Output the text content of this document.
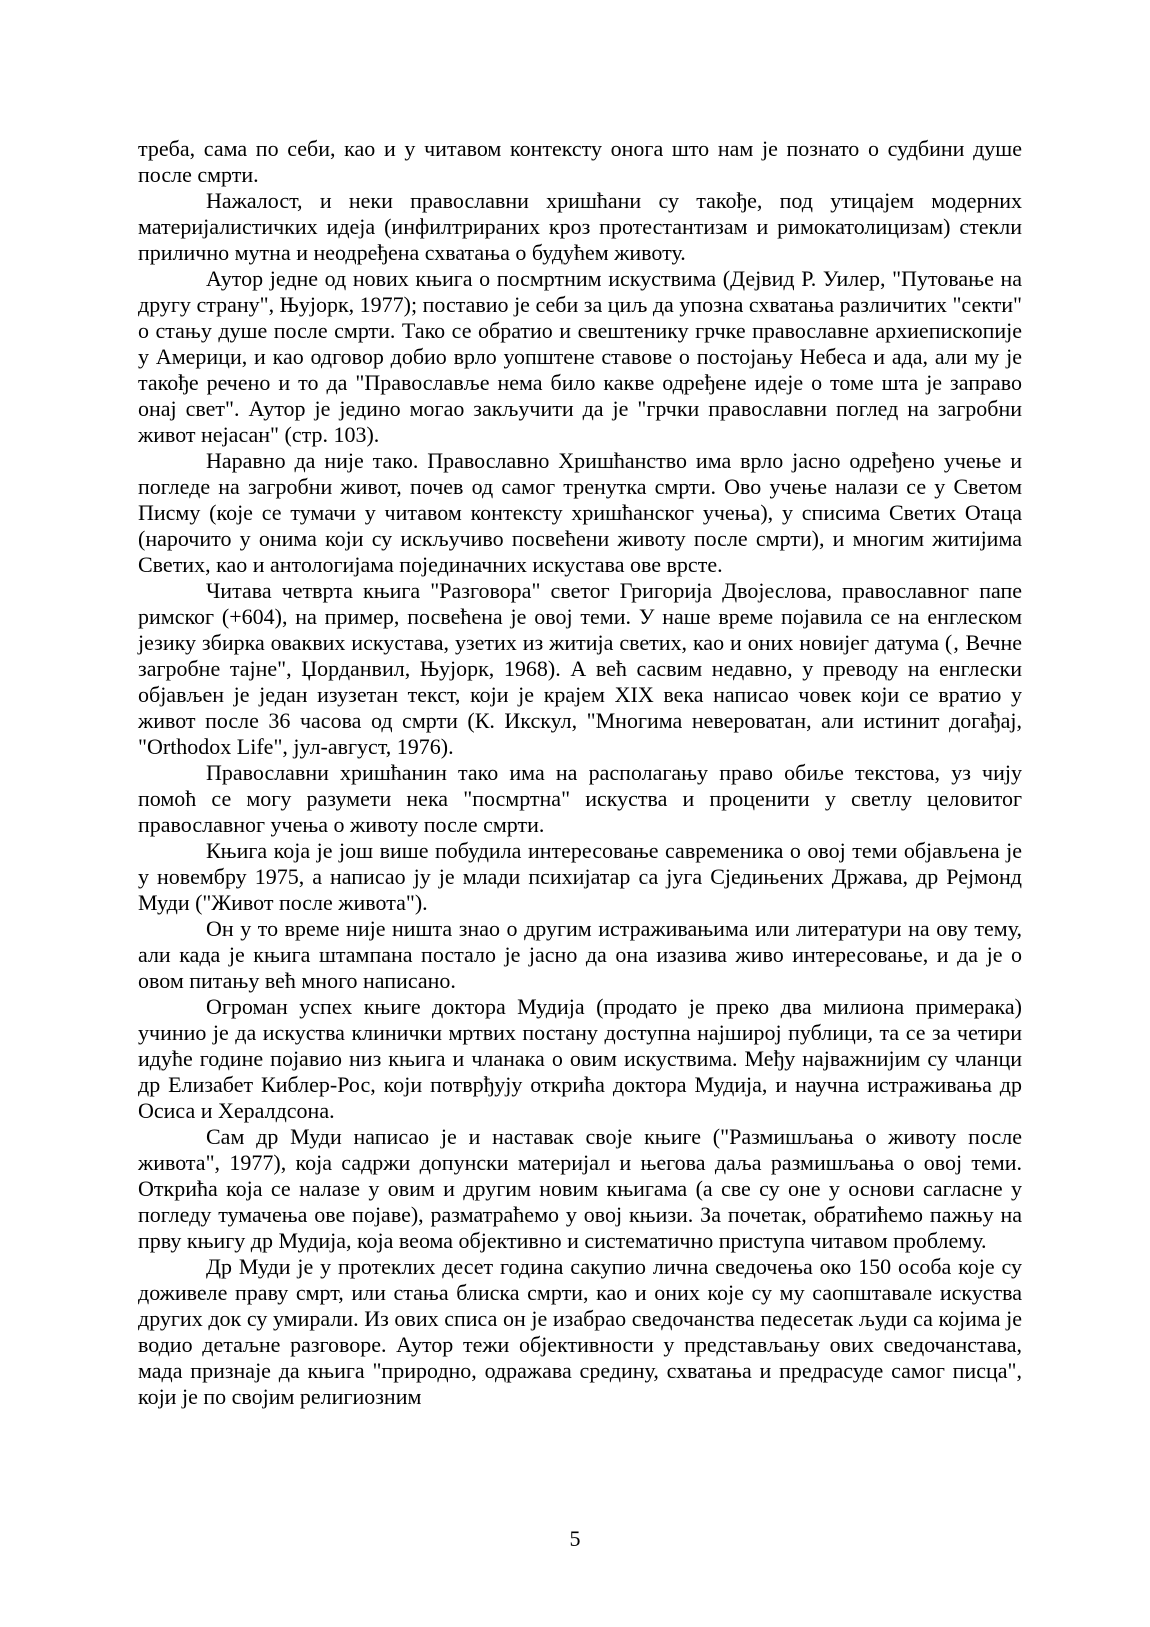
треба, сама по себи, као и у читавом контексту онога што нам је познато о судбини душе после смрти.

Нажалост, и неки православни хришћани су такође, под утицајем модерних материјалистичких идеја (инфилтрираних кроз протестантизам и римокатолицизам) стекли прилично мутна и неодређена схватања о будућем животу.

Аутор једне од нових књига о посмртним искуствима (Дејвид Р. Уилер, "Путовање на другу страну", Њујорк, 1977); поставио је себи за циљ да упозна схватања различитих "секти" о стању душе после смрти. Тако се обратио и свештенику грчке православне архиепископије у Америци, и као одговор добио врло уопштене ставове о постојању Небеса и ада, али му је такође речено и то да "Православље нема било какве одређене идеје о томе шта је заправо онај свет". Аутор је једино могао закључити да је "грчки православни поглед на загробни живот нејасан" (стр. 103).

Наравно да није тако. Православно Хришћанство има врло јасно одређено учење и погледе на загробни живот, почев од самог тренутка смрти. Ово учење налази се у Светом Писму (које се тумачи у читавом контексту хришћанског учења), у списима Светих Отаца (нарочито у онима који су искључиво посвећени животу после смрти), и многим житијима Светих, као и антологијама појединачних искустава ове врсте.

Читава четврта књига "Разговора" светог Григорија Двојеслова, православног папе римског (+604), на пример, посвећена је овој теми. У наше време појавила се на енглеском језику збирка оваквих искустава, узетих из житија светих, као и оних новијег датума (‚ Вечне загробне тајне", Џорданвил, Њујорк, 1968). А већ сасвим недавно, у преводу на енглески објављен је један изузетан текст, који је крајем XIX века написао човек који се вратио у живот после 36 часова од смрти (К. Икскул, "Многима невероватан, али истинит догађај, "Orthodox Life", јул-август, 1976).

Православни хришћанин тако има на располагању право обиље текстова, уз чију помоћ се могу разумети нека "посмртна" искуства и проценити у светлу целовитог православног учења о животу после смрти.

Књига која је још више побудила интересовање савременика о овој теми објављена је у новембру 1975, а написао ју је млади психијатар са југа Сједињених Држава, др Рејмонд Муди ("Живот после живота").

Он у то време није ништа знао о другим истраживањима или литератури на ову тему, али када је књига штампана постало је јасно да она изазива живо интересовање, и да је о овом питању већ много написано.

Огроман успех књиге доктора Мудија (продато је преко два милиона примерака) учинио је да искуства клинички мртвих постану доступна најширој публици, та се за четири идуће године појавио низ књига и чланака о овим искуствима. Међу најважнијим су чланци др Елизабет Киблер-Рос, који потврђују открића доктора Мудија, и научна истраживања др Осиса и Хералдсона.

Сам др Муди написао је и наставак своје књиге ("Размишљања о животу после живота", 1977), која садржи допунски материјал и његова даља размишљања о овој теми. Открића која се налазе у овим и другим новим књигама (а све су оне у основи сагласне у погледу тумачења ове појаве), разматраћемо у овој књизи. За почетак, обратићемо пажњу на прву књигу др Мудија, која веома објективно и систематично приступа читавом проблему.

Др Муди је у протеклих десет година сакупио лична сведочења око 150 особа које су доживеле праву смрт, или стања блиска смрти, као и оних које су му саопштавале искуства других док су умирали. Из ових списа он је изабрао сведочанства педесетак људи са којима је водио детаљне разговоре. Аутор тежи објективности у представљању ових сведочанстава, мада признаје да књига "природно, одражава средину, схватања и предрасуде самог писца", који је по својим религиозним

5
